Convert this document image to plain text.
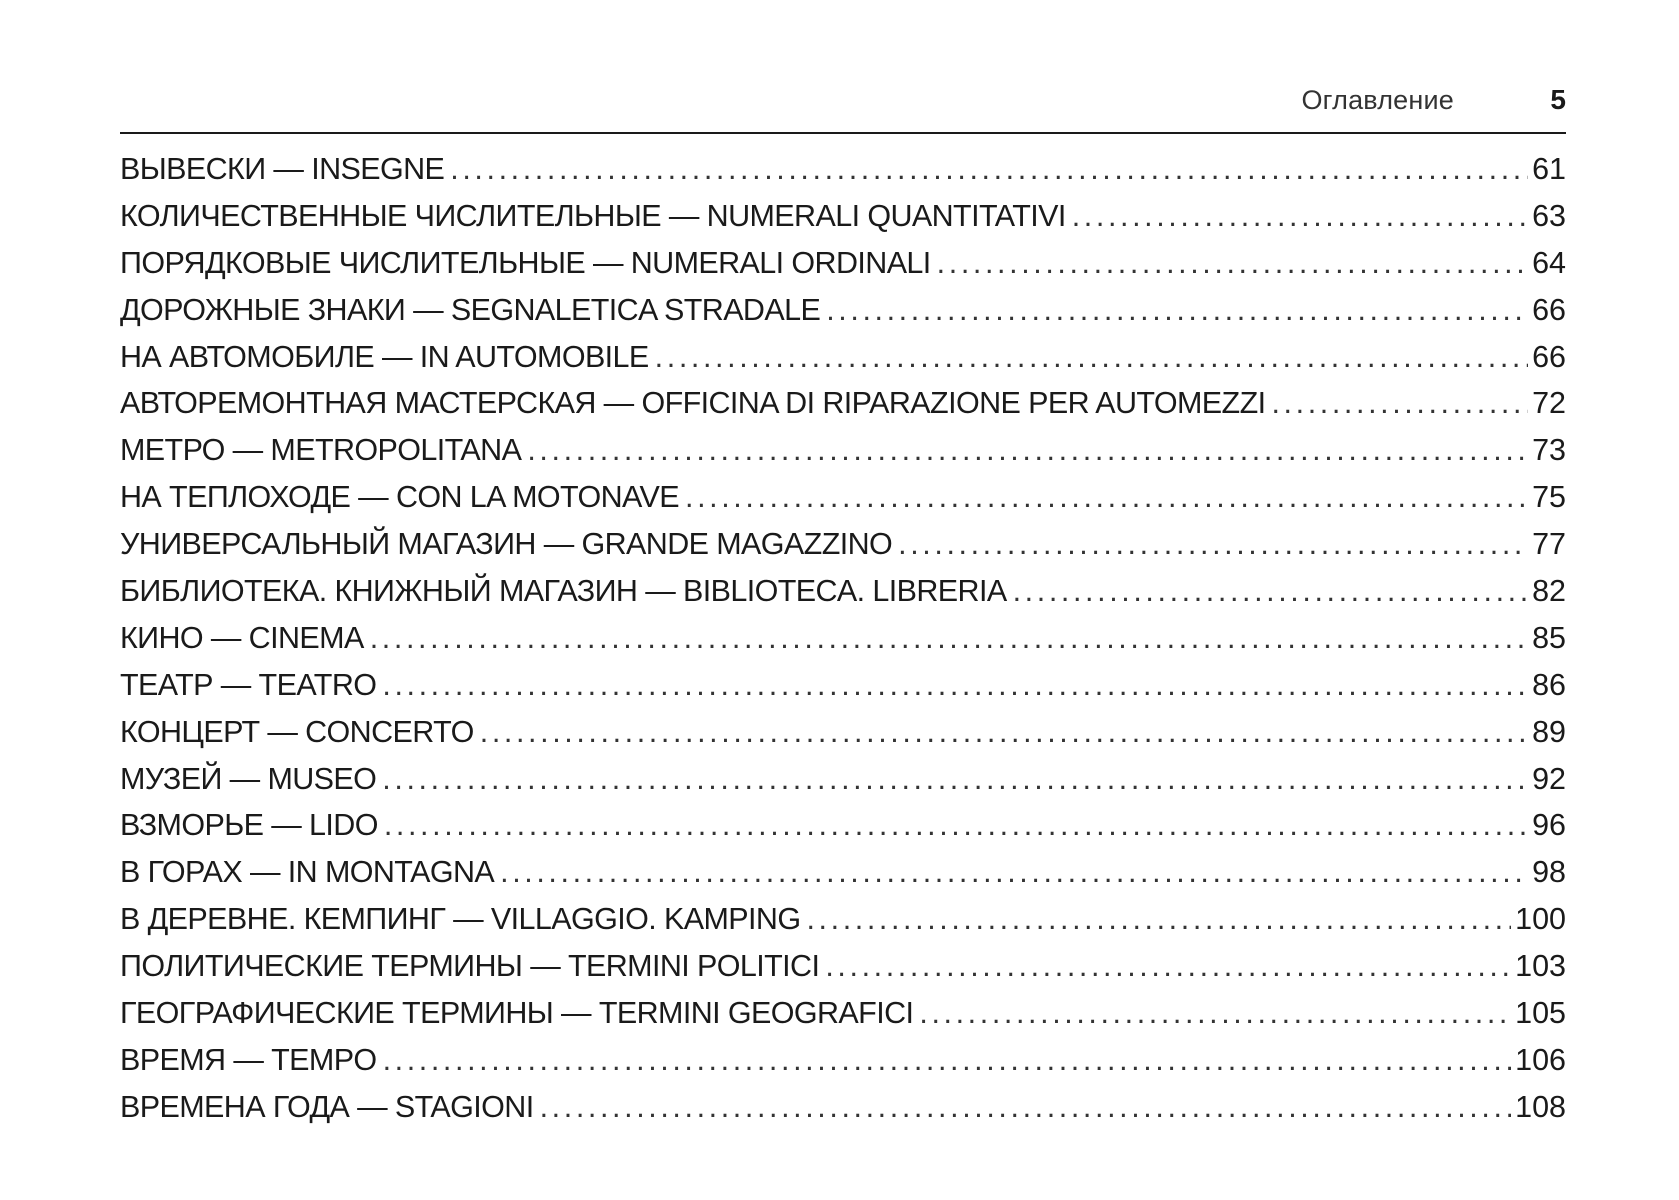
Оглавление	5
ВЫВЕСКИ — INSEGNE .....	61
КОЛИЧЕСТВЕННЫЕ ЧИСЛИТЕЛЬНЫЕ — NUMERALI QUANTITATIVI .....	63
ПОРЯДКОВЫЕ ЧИСЛИТЕЛЬНЫЕ — NUMERALI ORDINALI .....	64
ДОРОЖНЫЕ ЗНАКИ — SEGNALETICA STRADALE .....	66
НА АВТОМОБИЛЕ — IN AUTOMOBILE .....	66
АВТОРЕМОНТНАЯ МАСТЕРСКАЯ — OFFICINA DI RIPARAZIONE PER AUTOMEZZI .....	72
МЕТРО — METROPOLITANA .....	73
НА ТЕПЛОХОДЕ — CON LA MOTONAVE .....	75
УНИВЕРСАЛЬНЫЙ МАГАЗИН — GRANDE MAGAZZINO .....	77
БИБЛИОТЕКА. КНИЖНЫЙ МАГАЗИН — BIBLIOTECA. LIBRERIA .....	82
КИНО — CINEMA .....	85
ТЕАТР — TEATRO .....	86
КОНЦЕРТ — CONCERTO .....	89
МУЗЕЙ — MUSEO .....	92
ВЗМОРЬЕ — LIDO .....	96
В ГОРАХ — IN MONTAGNA .....	98
В ДЕРЕВНЕ. КЕМПИНГ — VILLAGGIO. KAMPING .....	100
ПОЛИТИЧЕСКИЕ ТЕРМИНЫ — TERMINI POLITICI .....	103
ГЕОГРАФИЧЕСКИЕ ТЕРМИНЫ — TERMINI GEOGRAFICI .....	105
ВРЕМЯ — TEMPO .....	106
ВРЕМЕНА ГОДА — STAGIONI .....	108
